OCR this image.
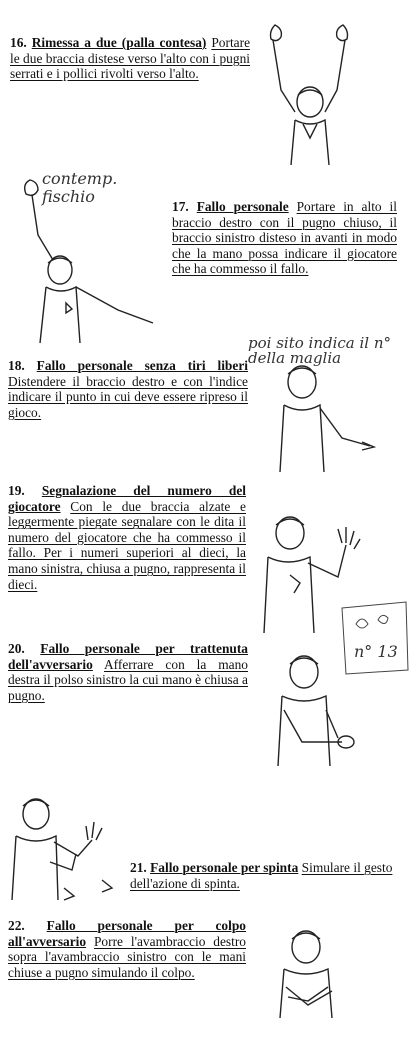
16. Rimessa a due (palla contesa) Portare le due braccia distese verso l'alto con i pugni serrati e i pollici rivolti verso l'alto.
contemp. fischio
17. Fallo personale Portare in alto il braccio destro con il pugno chiuso, il braccio sinistro disteso in avanti in modo che la mano possa indicare il giocatore che ha commesso il fallo.
poi sito indica il n° della maglia
18. Fallo personale senza tiri liberi Distendere il braccio destro e con l'indice indicare il punto in cui deve essere ripreso il gioco.
19. Segnalazione del numero del giocatore Con le due braccia alzate e leggermente piegate segnalare con le dita il numero del giocatore che ha commesso il fallo. Per i numeri superiori al dieci, la mano sinistra, chiusa a pugno, rappresenta il dieci.
n° 13
20. Fallo personale per trattenuta dell'avversario Afferrare con la mano destra il polso sinistro la cui mano è chiusa a pugno.
21. Fallo personale per spinta Simulare il gesto dell'azione di spinta.
22. Fallo personale per colpo all'avversario Porre l'avambraccio destro sopra l'avambraccio sinistro con le mani chiuse a pugno simulando il colpo.
